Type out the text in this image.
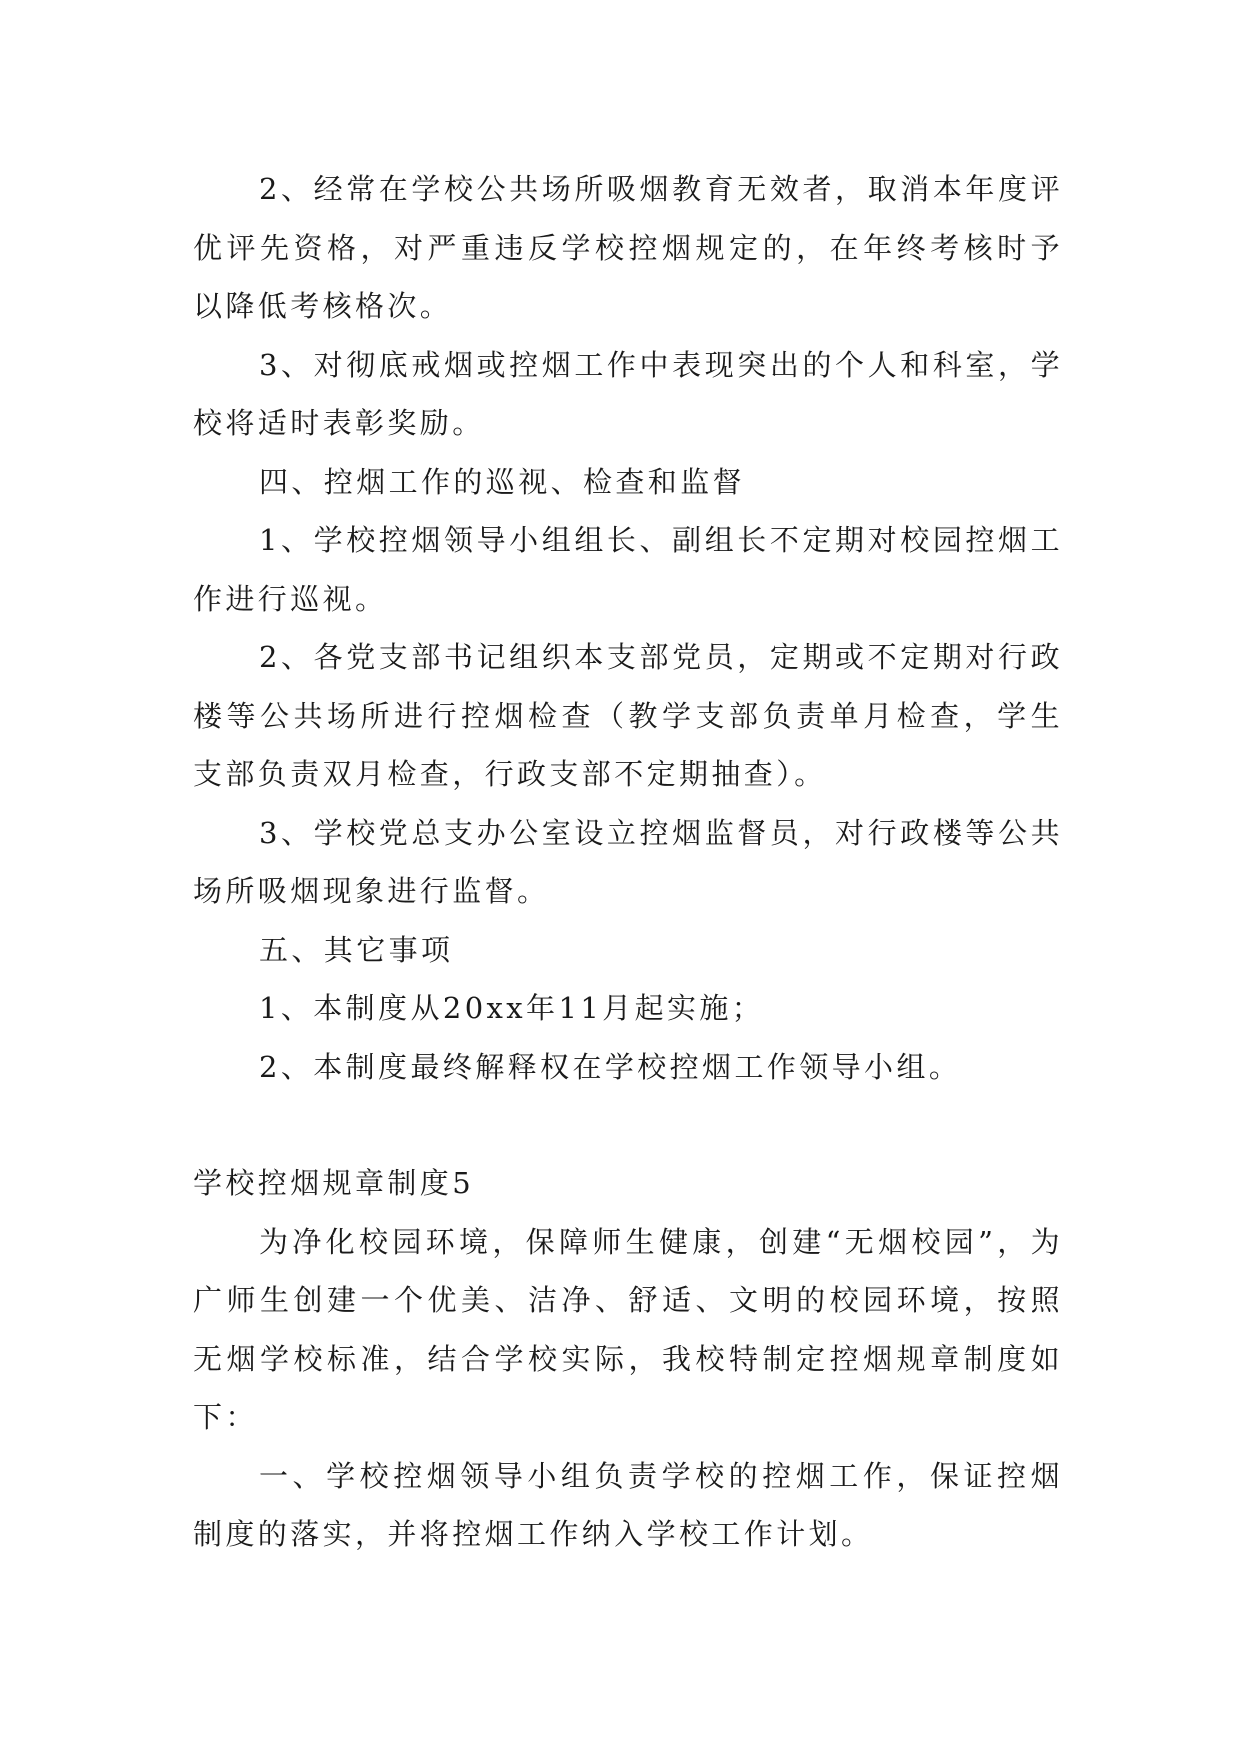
2、经常在学校公共场所吸烟教育无效者，取消本年度评优评先资格，对严重违反学校控烟规定的，在年终考核时予以降低考核格次。

3、对彻底戒烟或控烟工作中表现突出的个人和科室，学校将适时表彰奖励。

四、控烟工作的巡视、检查和监督

1、学校控烟领导小组组长、副组长不定期对校园控烟工作进行巡视。

2、各党支部书记组织本支部党员，定期或不定期对行政楼等公共场所进行控烟检查（教学支部负责单月检查，学生支部负责双月检查，行政支部不定期抽查）。

3、学校党总支办公室设立控烟监督员，对行政楼等公共场所吸烟现象进行监督。

五、其它事项

1、本制度从20xx年11月起实施；

2、本制度最终解释权在学校控烟工作领导小组。

学校控烟规章制度5

为净化校园环境，保障师生健康，创建“无烟校园”，为广师生创建一个优美、洁净、舒适、文明的校园环境，按照无烟学校标准，结合学校实际，我校特制定控烟规章制度如下：

一、学校控烟领导小组负责学校的控烟工作，保证控烟制度的落实，并将控烟工作纳入学校工作计划。
